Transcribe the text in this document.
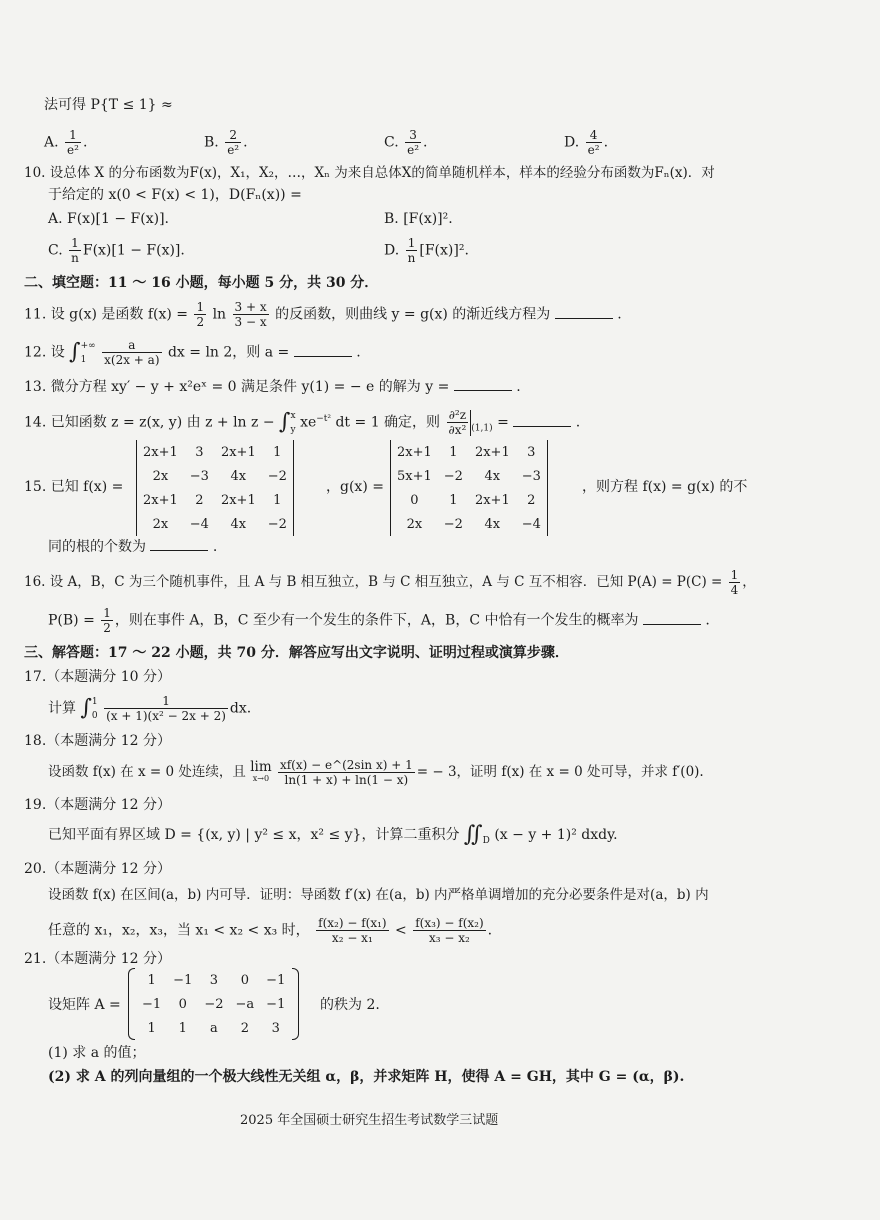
法可得 P{T ≤ 1} ≈
A. $\frac{1}{\text{e²}}$ .	B. $\frac{2}{\text{e²}}$ .	C. $\frac{3}{\text{e²}}$ .	D. $\frac{4}{\text{e²}}$ .
10. 设总体 X 的分布函数为F(x)，X₁，X₂，…，Xₙ 为来自总体X的简单随机样本，样本的经验分布函数为Fₙ(x)．对
于给定的 x(0 < F(x) < 1)，D(Fₙ(x)) =
A. F(x)[1 − F(x)].	B. [F(x)]².
C. $\frac{1}{n} F(x)[1 - F(x)]$.	D. $\frac{1}{n} [F(x)]^2$.
二、填空题：11 ～ 16 小题，每小题 5 分，共 30 分．
11. 设 g(x) 是函数 $f(x) = \frac{1}{2}$ $\ln \frac{3 + x}{3 - x}$ 的反函数，则曲线 y = g(x) 的渐近线方程为	.
12. 设 ∫ +∞
1
	$\frac{a}{x(2x + a)}$ dx = ln 2，则 a =	.
13. 微分方程 xy′ − y + x²eˣ = 0 满足条件 y(1) = − e 的解为 y =	.
14. 已知函数 z = z(x, y) 由 z + ln z − ∫ x
y $xe^{-t^2}$ dt = 1 确定，则 $\frac{\text{∂²z}}{\text{∂x²}} _{(1,1)}$ =	.
15. 已知 f(x) =
2x+1	3	2x+1	1
2x	−3	4x	−2
2x+1	2	2x+1	1
2x	−4	4x	−2
，g(x) =
2x+1	1	2x+1	3
5x+1	−2	4x	−3
0	1	2x+1	2
2x	−2	4x	−4
，则方程 f(x) = g(x) 的不
同的根的个数为	.
16. 设 A，B，C 为三个随机事件，且 A 与 B 相互独立，B 与 C 相互独立，A 与 C 互不相容．已知 $P(A) = P(C) = \frac{1}{4}$ ，
$P(B) = \frac{1}{2}$ ，则在事件 A，B，C 至少有一个发生的条件下，A，B，C 中恰有一个发生的概率为	.
三、解答题：17 ～ 22 小题，共 70 分．解答应写出文字说明、证明过程或演算步骤．
17.（本题满分 10 分）
计算 ∫ 1
0
$\frac{1}{\text{(x + 1)(x² − 2x + 2)}}$ dx.
18.（本题满分 12 分）
设函数 f(x) 在 x = 0 处连续，且 lim
x→0
$\frac{\text{xf(x) − e\textasciicircum{}(2sin x) + 1}}{\ln(1 + x) + \ln(1 - x)}$ = − 3，证明 f(x) 在 x = 0 处可导，并求 f′(0).
19.（本题满分 12 分）
已知平面有界区域 D = {(x, y) | y² ≤ x，x² ≤ y}，计算二重积分 $∬_D$ (x − y + 1)² dxdy.
20.（本题满分 12 分）
设函数 f(x) 在区间(a，b) 内可导．证明：导函数 f′(x) 在(a，b) 内严格单调增加的充分必要条件是对(a，b) 内
任意的 x₁，x₂，x₃，当 x₁ < x₂ < x₃ 时， $\frac{\text{f(x₂) − f(x₁)}}{\text{x₂ − x₁}} < \frac{\text{f(x₃) − f(x₂)}}{\text{x₃ − x₂}}$ .
21.（本题满分 12 分）
设矩阵 A =
1	−1	3	0	−1
−1	0	−2	−a	−1
1	1	a	2	3
的秩为 2.
(1) 求 a 的值；
(2) 求 A 的列向量组的一个极大线性无关组 α，β，并求矩阵 H，使得 A = GH，其中 G = (α，β).
2025 年全国硕士研究生招生考试数学三试题
